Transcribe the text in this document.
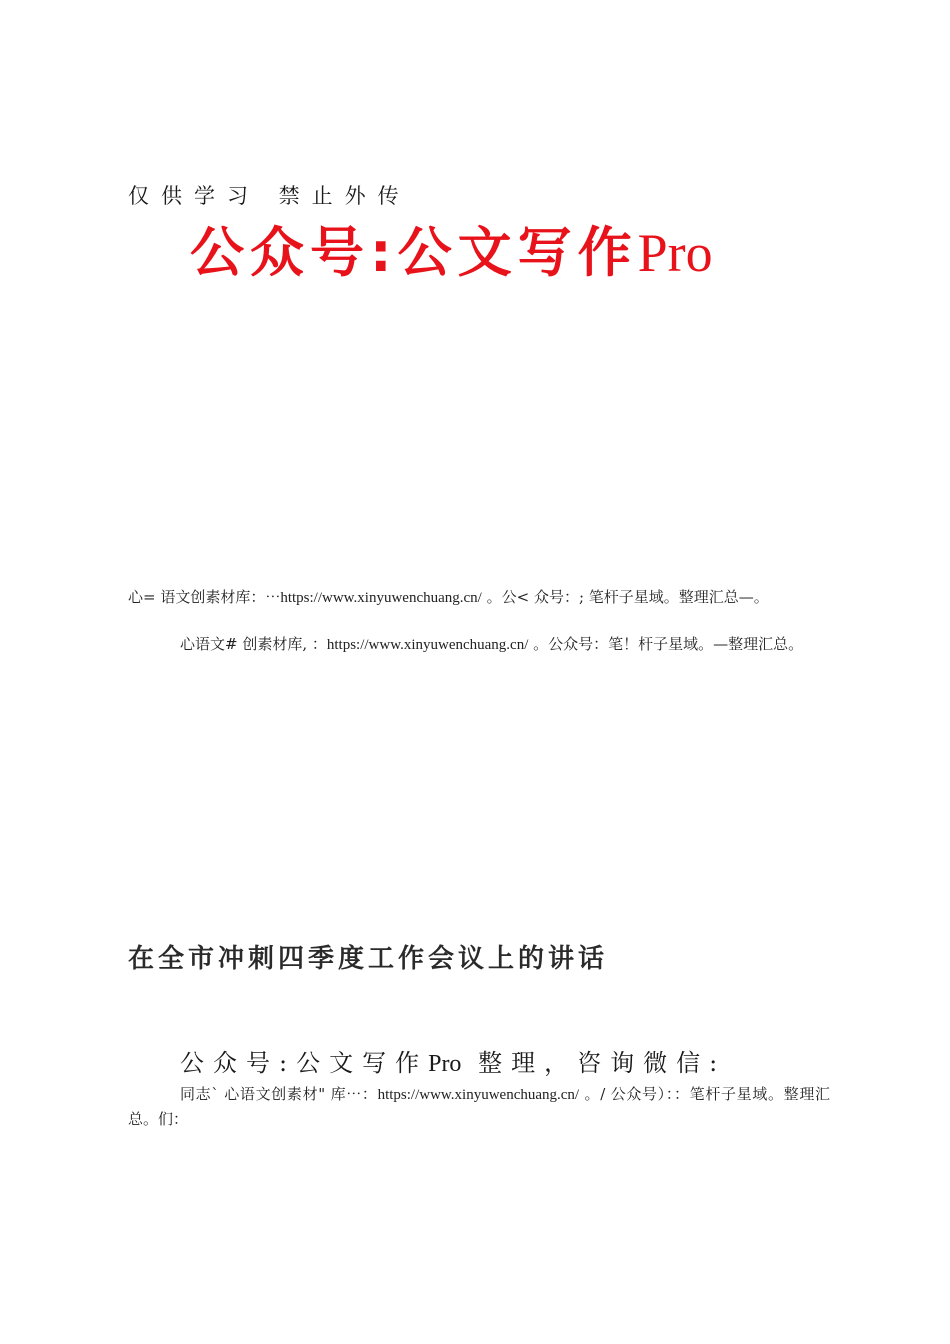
仅供学习 禁止外传
公众号:公文写作Pro
心= 语文创素材库：⋯https://www.xinyuwenchuang.cn/ 。公< 众号：; 笔杆子星域。整理汇总—。
心语文# 创素材库, ：https://www.xinyuwenchuang.cn/ 。公众号：笔！杆子星域。—整理汇总。
在全市冲刺四季度工作会议上的讲话
公众号:公文写作Pro 整理，咨询微信:
同志` 心语文创素材" 库⋯：https://www.xinyuwenchuang.cn/ 。/ 公众号）：：笔杆子星域。整理汇总。们：
